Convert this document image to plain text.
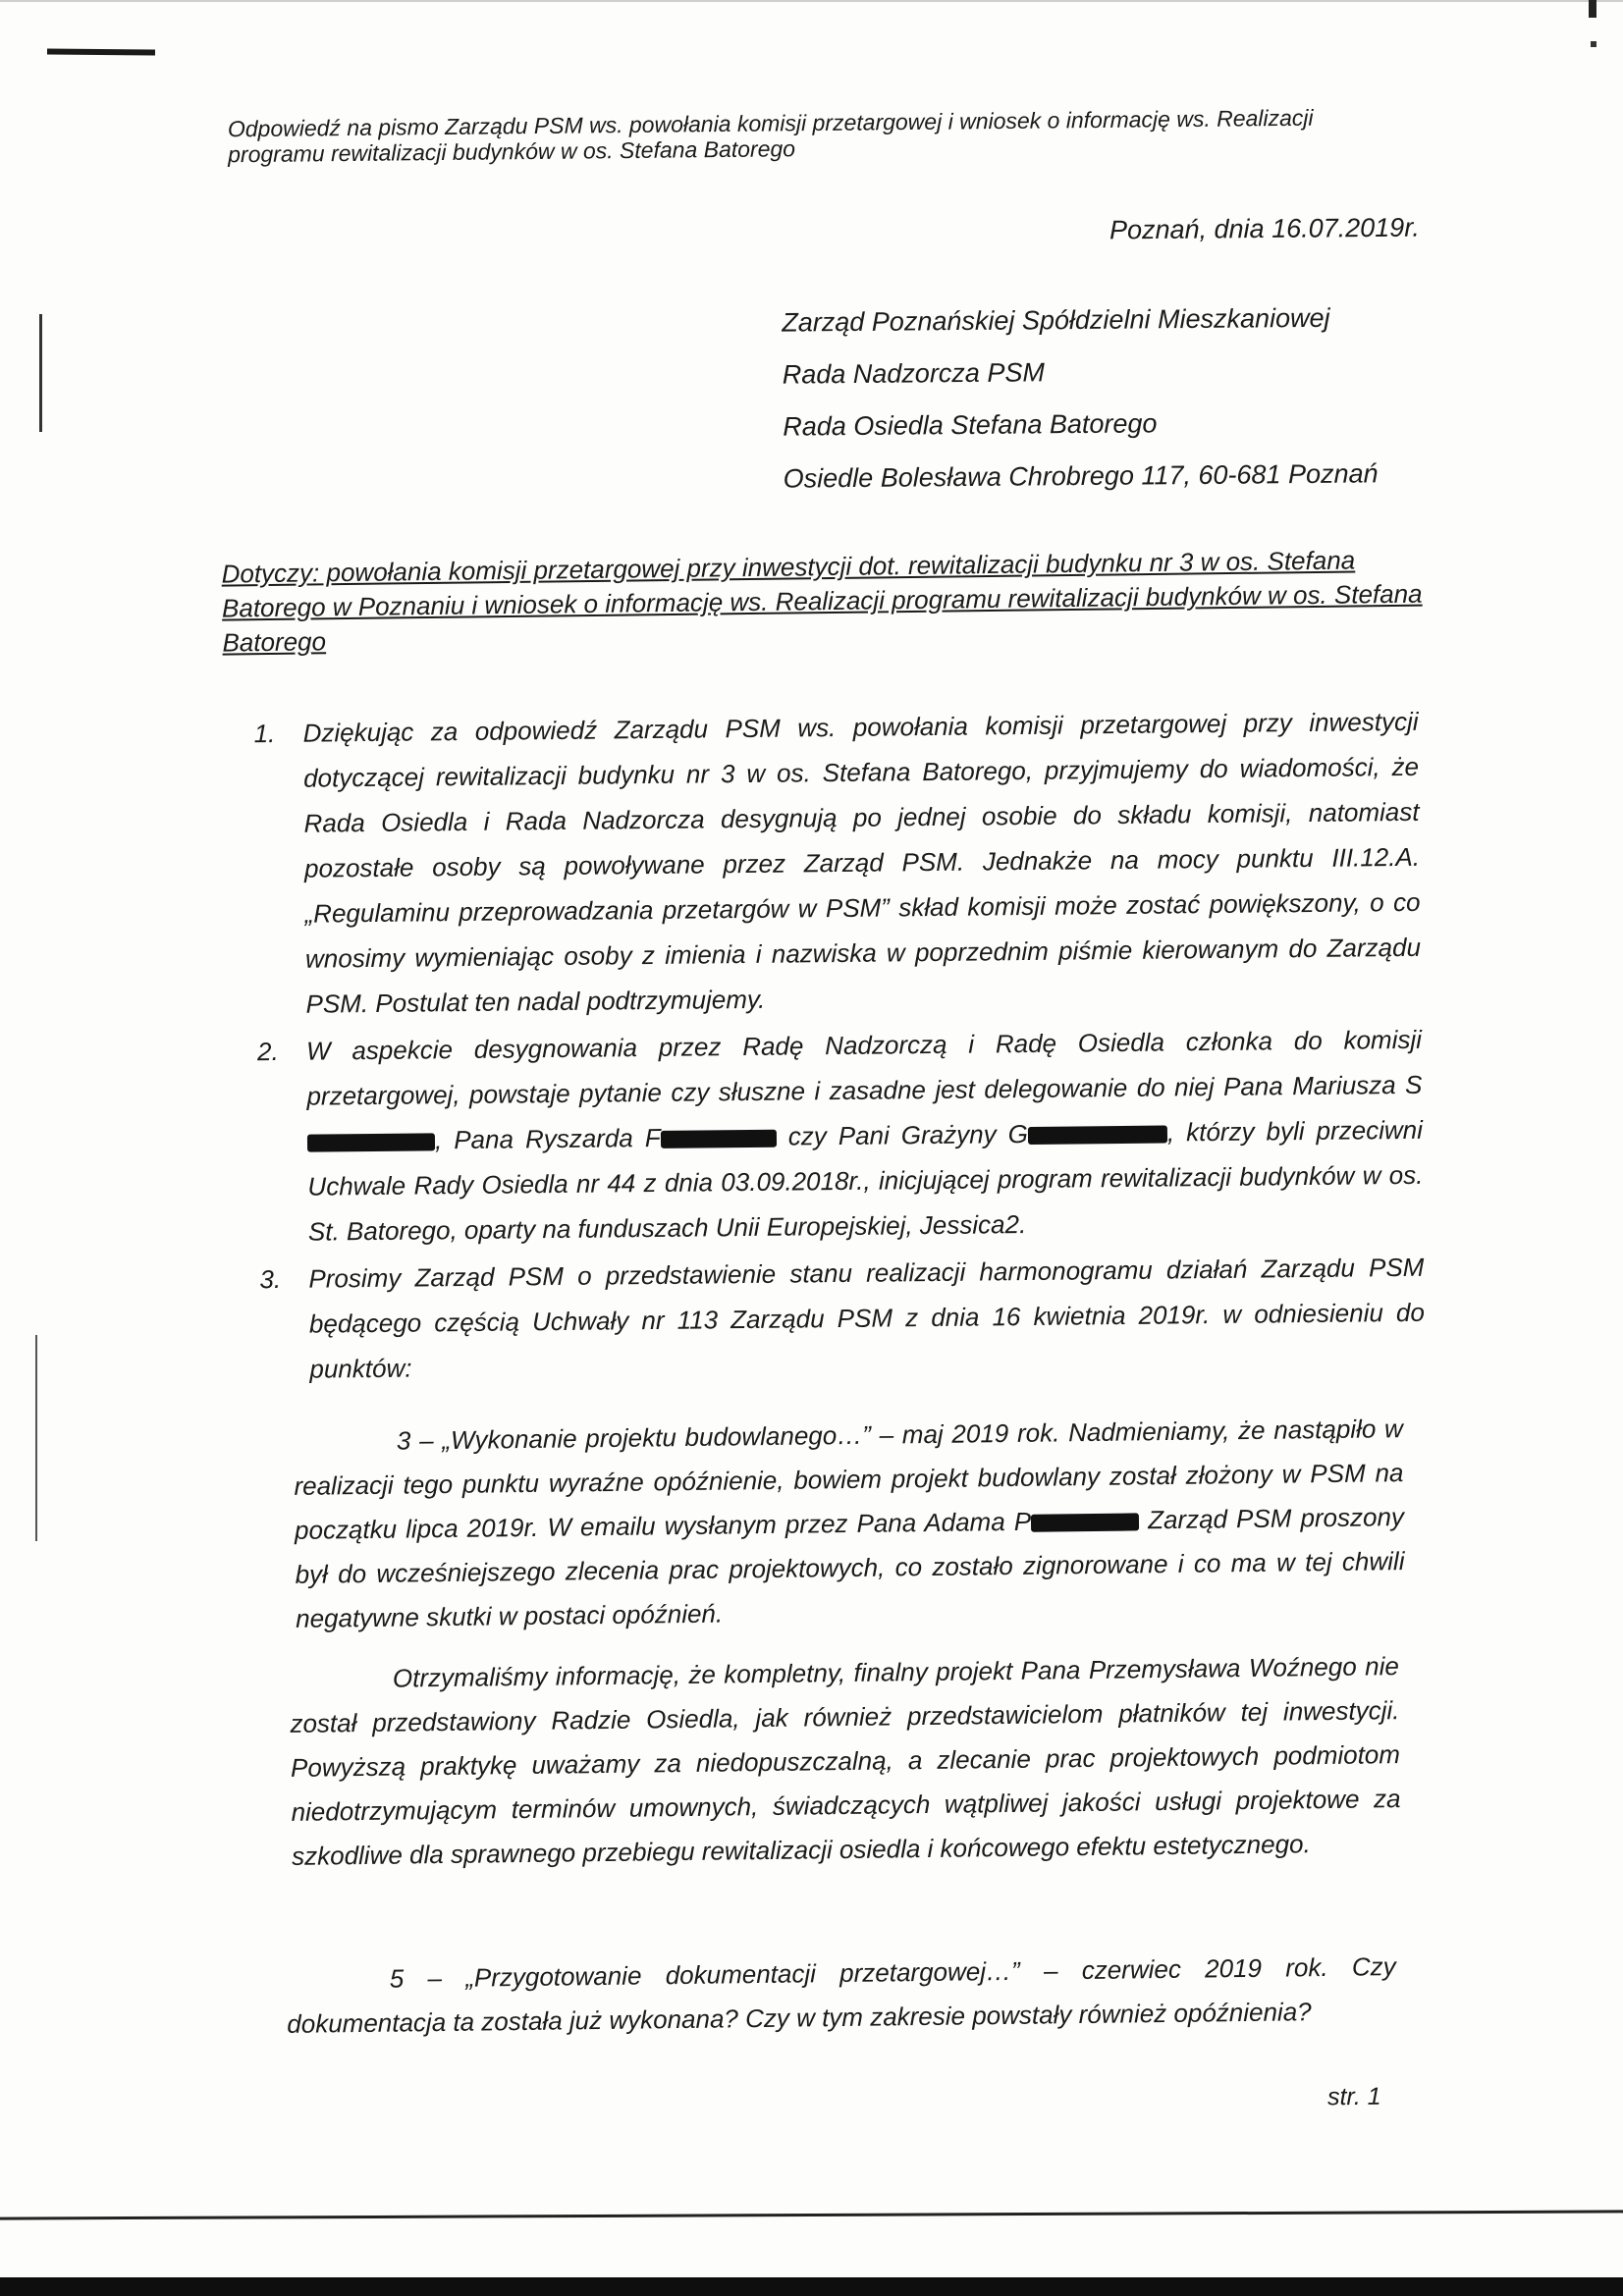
Odpowiedź na pismo Zarządu PSM ws. powołania komisji przetargowej i wniosek o informację ws. Realizacji programu rewitalizacji budynków w os. Stefana Batorego
Poznań, dnia 16.07.2019r.
Zarząd Poznańskiej Spółdzielni Mieszkaniowej
Rada Nadzorcza PSM
Rada Osiedla Stefana Batorego
Osiedle Bolesława Chrobrego 117, 60-681 Poznań
Dotyczy: powołania komisji przetargowej przy inwestycji dot. rewitalizacji budynku nr 3 w os. Stefana Batorego w Poznaniu i wniosek o informację ws. Realizacji programu rewitalizacji budynków w os. Stefana Batorego
1. Dziękując za odpowiedź Zarządu PSM ws. powołania komisji przetargowej przy inwestycji dotyczącej rewitalizacji budynku nr 3 w os. Stefana Batorego, przyjmujemy do wiadomości, że Rada Osiedla i Rada Nadzorcza desygnują po jednej osobie do składu komisji, natomiast pozostałe osoby są powoływane przez Zarząd PSM. Jednakże na mocy punktu III.12.A. „Regulaminu przeprowadzania przetargów w PSM” skład komisji może zostać powiększony, o co wnosimy wymieniając osoby z imienia i nazwiska w poprzednim piśmie kierowanym do Zarządu PSM. Postulat ten nadal podtrzymujemy.
2. W aspekcie desygnowania przez Radę Nadzorczą i Radę Osiedla członka do komisji przetargowej, powstaje pytanie czy słuszne i zasadne jest delegowanie do niej Pana Mariusza S, Pana Ryszarda F	czy Pani Grażyny G	, którzy byli przeciwni Uchwale Rady Osiedla nr 44 z dnia 03.09.2018r., inicjującej program rewitalizacji budynków w os. St. Batorego, oparty na funduszach Unii Europejskiej, Jessica2.
3. Prosimy Zarząd PSM o przedstawienie stanu realizacji harmonogramu działań Zarządu PSM będącego częścią Uchwały nr 113 Zarządu PSM z dnia 16 kwietnia 2019r. w odniesieniu do punktów:
3 – „Wykonanie projektu budowlanego…” – maj 2019 rok. Nadmieniamy, że nastąpiło w realizacji tego punktu wyraźne opóźnienie, bowiem projekt budowlany został złożony w PSM na początku lipca 2019r. W emailu wysłanym przez Pana Adama P	Zarząd PSM proszony był do wcześniejszego zlecenia prac projektowych, co zostało zignorowane i co ma w tej chwili negatywne skutki w postaci opóźnień.
Otrzymaliśmy informację, że kompletny, finalny projekt Pana Przemysława Woźnego nie został przedstawiony Radzie Osiedla, jak również przedstawicielom płatników tej inwestycji. Powyższą praktykę uważamy za niedopuszczalną, a zlecanie prac projektowych podmiotom niedotrzymującym terminów umownych, świadczących wątpliwej jakości usługi projektowe za szkodliwe dla sprawnego przebiegu rewitalizacji osiedla i końcowego efektu estetycznego.
5 – „Przygotowanie dokumentacji przetargowej…” – czerwiec 2019 rok. Czy dokumentacja ta została już wykonana? Czy w tym zakresie powstały również opóźnienia?
str. 1
